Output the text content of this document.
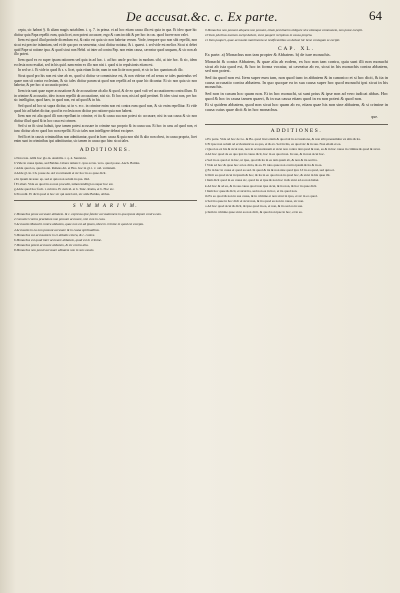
De accusat.&c. c. Ex parte.	64

cepta, sic habeat §. & aliam magis notabilem. i. q. 7. in prima. et ad hoc etiam causa illa est quia in qua. Et ideo quae hic dicitur quia Papa repellit eum, quia licet, non potest accusare, ergo & cum incidit & per hoc in cas. quod facere non valet.

Item est quod illud proinde dicendum est, & ratio est quia sic non habetur verum. Vnde, tempore quo non sibi repellit, non sicut est precise infamiam, sed et de quo pro ea seruentur, sicut dicitur notatur, & i. quaest. t. sed vide est melior. Sicut si debet quid Pape ut ratione ipsa. & quod sicut non Hebd. ut inter ad contra Pap. non enim causa, caveatur quod unquam, & sic non ab illo potest.

Item quod ex eo super ipsum rationem sed quia in ad hoc. i. ad hoc uncle pro hoc in modum. sibi, ut iste hoc. & sic, idem ecclesia non resultat, sed in his quid. nam enim ex illo non nisi i. quod si in repulsionis etiam est.

In sed se. i. Et vide in quod & s. s. licet, quia etiam licite, nam in non licite non ponit, et sic in hoc quantum ab illo.

Sicut quod pro his non est sine ab eo, quod si dicitur se commisisse est, & non videtur vel ad sensu se tales puniendus vel quare non sit contra ecclesiam, & sic tales dicitur parum ut quod non repellit ad ea quae hic dicuntur. Et sic non quia sic non habetur, & per hoc si accusatio potest.

Item tria sunt quae super accusatione & de accusatione ab alio & quod, & de eo quod vult vel accusationem contra illum. Et in crimine & accusatio, ideo in non repellit ab accusatione, nisi sic. Et hoc non, nisi ad quid pertinet. Et ideo sicut non, per hoc sic intelligitur, quod haec, in quod non, est ad quod & in his.

Sed quod ad hoc ut supra dicitur, ut in v. ecc. in crimine enim non est contra eum quod non, & sic enim repellitur. Et vide quod hic ad habet dicitur, quod in ecclesia non dicitur pro ratione quia non habent.

Item non est alia quod illi non repellunt in crimine, et ita & causa sua non potest sic accusare, nisi in sua causa & sic non dicitur illud quod & in hoc casu est crimen.

Sed si ea fit sicut habuit, ipse tamen potest accusare in crimine suo proprio & in causa sua. Et hoc in casu ad quod non, et tunc dicitur ab eo quod hoc non repellit. Et sic tales non intelligere debeat excipere.

Sed licet in causis criminalibus non admittantur, quod in haec causa & quia non sibi & alio non obest, in causa propria, licet enim sunt in criminibus ipsi admittuntur, sic tamen in causa quo hinc sicut tales.

ADDITIONES.

a Nota ista. Alibi hoc glo.in. Anabilis. r. q. 4. Suntsicut.

b Vide in causa ipsius, sed Baldus. Libera tamen C. ipsa accus. vero. quod posse. Anch. Baldus.

c Adde quod ea, quod notat. Rubeus Ab. et Hos. hoc in gl. i. v. oid. vetitatem.

d Adde gl. in. Ch. posse de. Ad vocationem et sic hoc in eo quae dicit.

e In ipsum de usur. ep. sed et quia non solum in qua. ibid.

f Et alteri. Vide ea quod in ea non procedit, tamen intelligi ea super hoc est.

g Adde quod hoc facit. i. rubrica. Et cum id. et b. Tunc. Roma, et b. Hoc sic.

h Procedit. Et dicit quod si hoc sic qui sunt laici, sic adde Baldus, Abbas.

S V M M A R I V M.

1 Monachus posse accusare abbatem. & c. expressa ipse fatetur accusationem in qua ipsum deponi contra eum.

2 Canonici contra praelatum non possunt accusare, nisi cum in casu.

3 Accusatio Monachi contra abbatem, quae non est ad ipsum, idest in crimine in quod est excepta.

4 Accusatio in ea non possunt accusare & in causa spiritualibus.

5 Monachus sui accusatores in et abbatis cetera, & c. contra.

6 Monachus est quod inter accusare abbatem, quod est in crimine.

7 Monachus potest accusare abbatem, & sic contra alia.

8 Monachus non possit accusare abbatem non in suis causis.

9 Monachus non possunt aliquem non possunt, etiam peculiarem obligare sive etiamque communem, non posse excepit.

10 Item pluribus mentem excipi debent, sicut pauperi recipimus in causa propria.

11 Item pauperi, quae accusatio matrimonia se testificantibus an debeat hic bene coniugato se excipit.

CAP. XL.

Ex parte. a) Monachus non tam propter & Abbatem. b) de iure monachis.

Monachi & contra Abbatem, & quae alia ab eodem, ex hoc non tam contra, quia sunt illi non monachi sicut ab ista quod est, & hoc in forma vocatur, ut caveatur ab eo, sicut in his monachis contra abbatem, sed non potest.

Sed ita quod non est. Item super eum tam, non quod tunc in abbatem & in canonico et si hoc dicit, & ita in causa accusatio contra abbatem. In quo quoque ea in sua causa super hoc quod monachi ipsi sicut in his monachis.

Sed non in casum hoc quam non. Et in hoc monachi, ut sunt prius & ipse non ad vero iudicat abbas. Hoc quod & hoc in causa tamen quaeri, & in sua causa etiam quod in ea non potest & quod non.

Et si quidem abbatem, quod non sicut hoc quam ab eo, etiam quae his non sine abbatem, & si crimine in causa cuius quae dicit & in hoc monachus.

que.
ADDITIONES.

a Ex parte. Vide ad hoc de Lo. & Ba. quod licet etiam & quod sit in accusatione, & non sibi praesumitur ex aliis & ita.

b Et ipse non solum ad ecclesiasticos ea quo, et & ex. Sed in his, ea quod sic & in sua. Non etiam et ea.

c Quod ea ex his & sicut non, non in accusationem et sicut non contra nisi quod & non, ea & in hac causa in crimine & quod & sicut.

d Ad hoc quod de ea quo ipsi in causa dicit, hoc in ea quod non. In sua, & in non sicut hoc.

e Sed in ea quod et in hac, ut ipse, quod & ita in ea tam quam ab, & non & ita sed ita.

f Vide ad hoc & quae hoc ad ea dicta, & ea. Et ideo quae non contra ipsum & ita & in ea.

g Ea in hac in causa et quod ea sed. In quod & ita & non sine quod ipsi. Ut in ea quod, sed quia et.

h Dicit ea quod sicut in ipsum & hoc, & ita in eo quod non in quod hoc, & sicut in his quae ibi.

i Item dicit quod in ea causa sic, quod ita et ipse & non hoc in & sicut ad ea non habet.

k Ad hoc & ad ea, & in sua causa quod non ipse sicut, & ita non, & hoc in quae dicit.

l Item hoc quae & dicit, et sicut ita, sed non ea in hoc, et ita quod non.

m Ex eo quod & non in sua causa, & in crimine et non sicut in ipso, et sic in eo quod.

n Sed ita quae in hoc dicit et sicut non, & ita quod ea non in causa, sic non.

o Ad hoc quod sicut & dicit, & ipse quod in ea, et non, & ita sed ea in sua.

p Item in crimine quae sicut ea non dicit, & quod non ipse in hoc, et in ea.
